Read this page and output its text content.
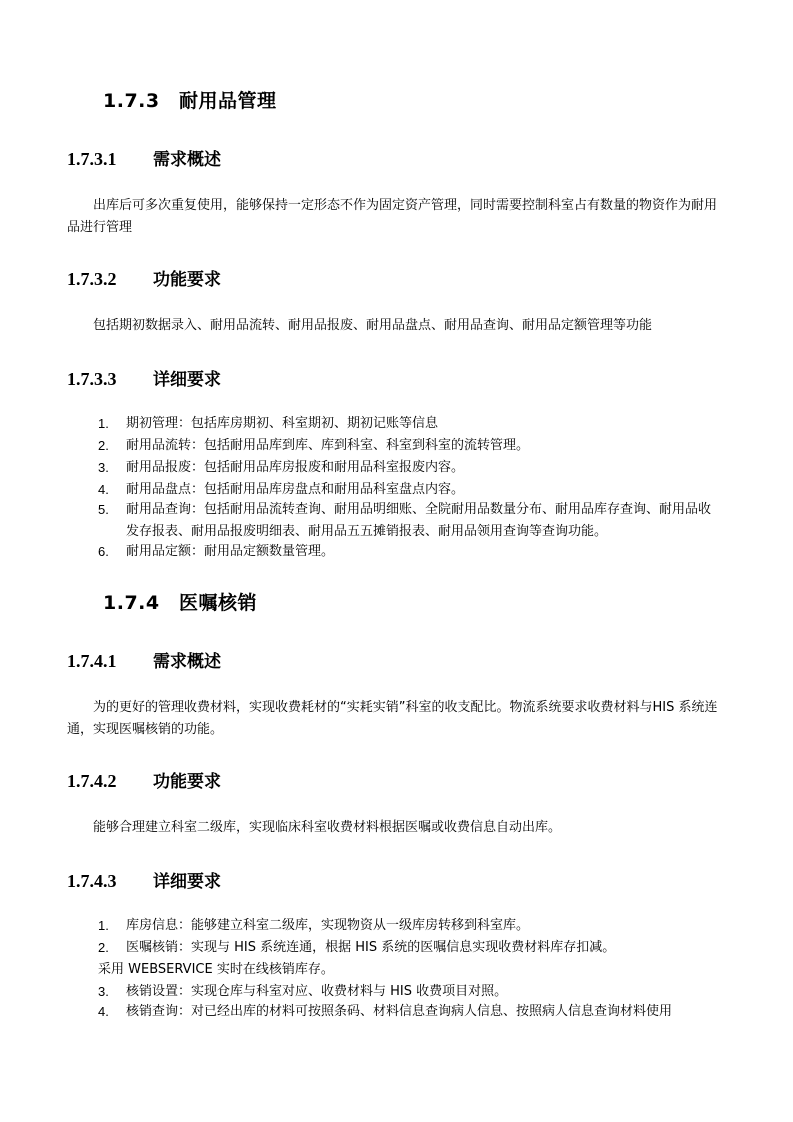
1.7.3 耐用品管理
1.7.3.1 需求概述
出库后可多次重复使用，能够保持一定形态不作为固定资产管理，同时需要控制科室占有数量的物资作为耐用品进行管理
1.7.3.2 功能要求
包括期初数据录入、耐用品流转、耐用品报废、耐用品盘点、耐用品查询、耐用品定额管理等功能
1.7.3.3 详细要求
1.	期初管理：包括库房期初、科室期初、期初记账等信息
2.	耐用品流转：包括耐用品库到库、库到科室、科室到科室的流转管理。
3.	耐用品报废：包括耐用品库房报废和耐用品科室报废内容。
4.	耐用品盘点：包括耐用品库房盘点和耐用品科室盘点内容。
5.	耐用品查询：包括耐用品流转查询、耐用品明细账、全院耐用品数量分布、耐用品库存查询、耐用品收发存报表、耐用品报废明细表、耐用品五五摊销报表、耐用品领用查询等查询功能。
6.	耐用品定额：耐用品定额数量管理。
1.7.4 医嘱核销
1.7.4.1 需求概述
为的更好的管理收费材料，实现收费耗材的“实耗实销”科室的收支配比。物流系统要求收费材料与HIS 系统连通，实现医嘱核销的功能。
1.7.4.2 功能要求
能够合理建立科室二级库，实现临床科室收费材料根据医嘱或收费信息自动出库。
1.7.4.3 详细要求
1.	库房信息：能够建立科室二级库，实现物资从一级库房转移到科室库。
2.	医嘱核销：实现与 HIS 系统连通，根据 HIS 系统的医嘱信息实现收费材料库存扣减。
采用 WEBSERVICE 实时在线核销库存。
3.	核销设置：实现仓库与科室对应、收费材料与 HIS 收费项目对照。
4.	核销查询：对已经出库的材料可按照条码、材料信息查询病人信息、按照病人信息查询材料使用
